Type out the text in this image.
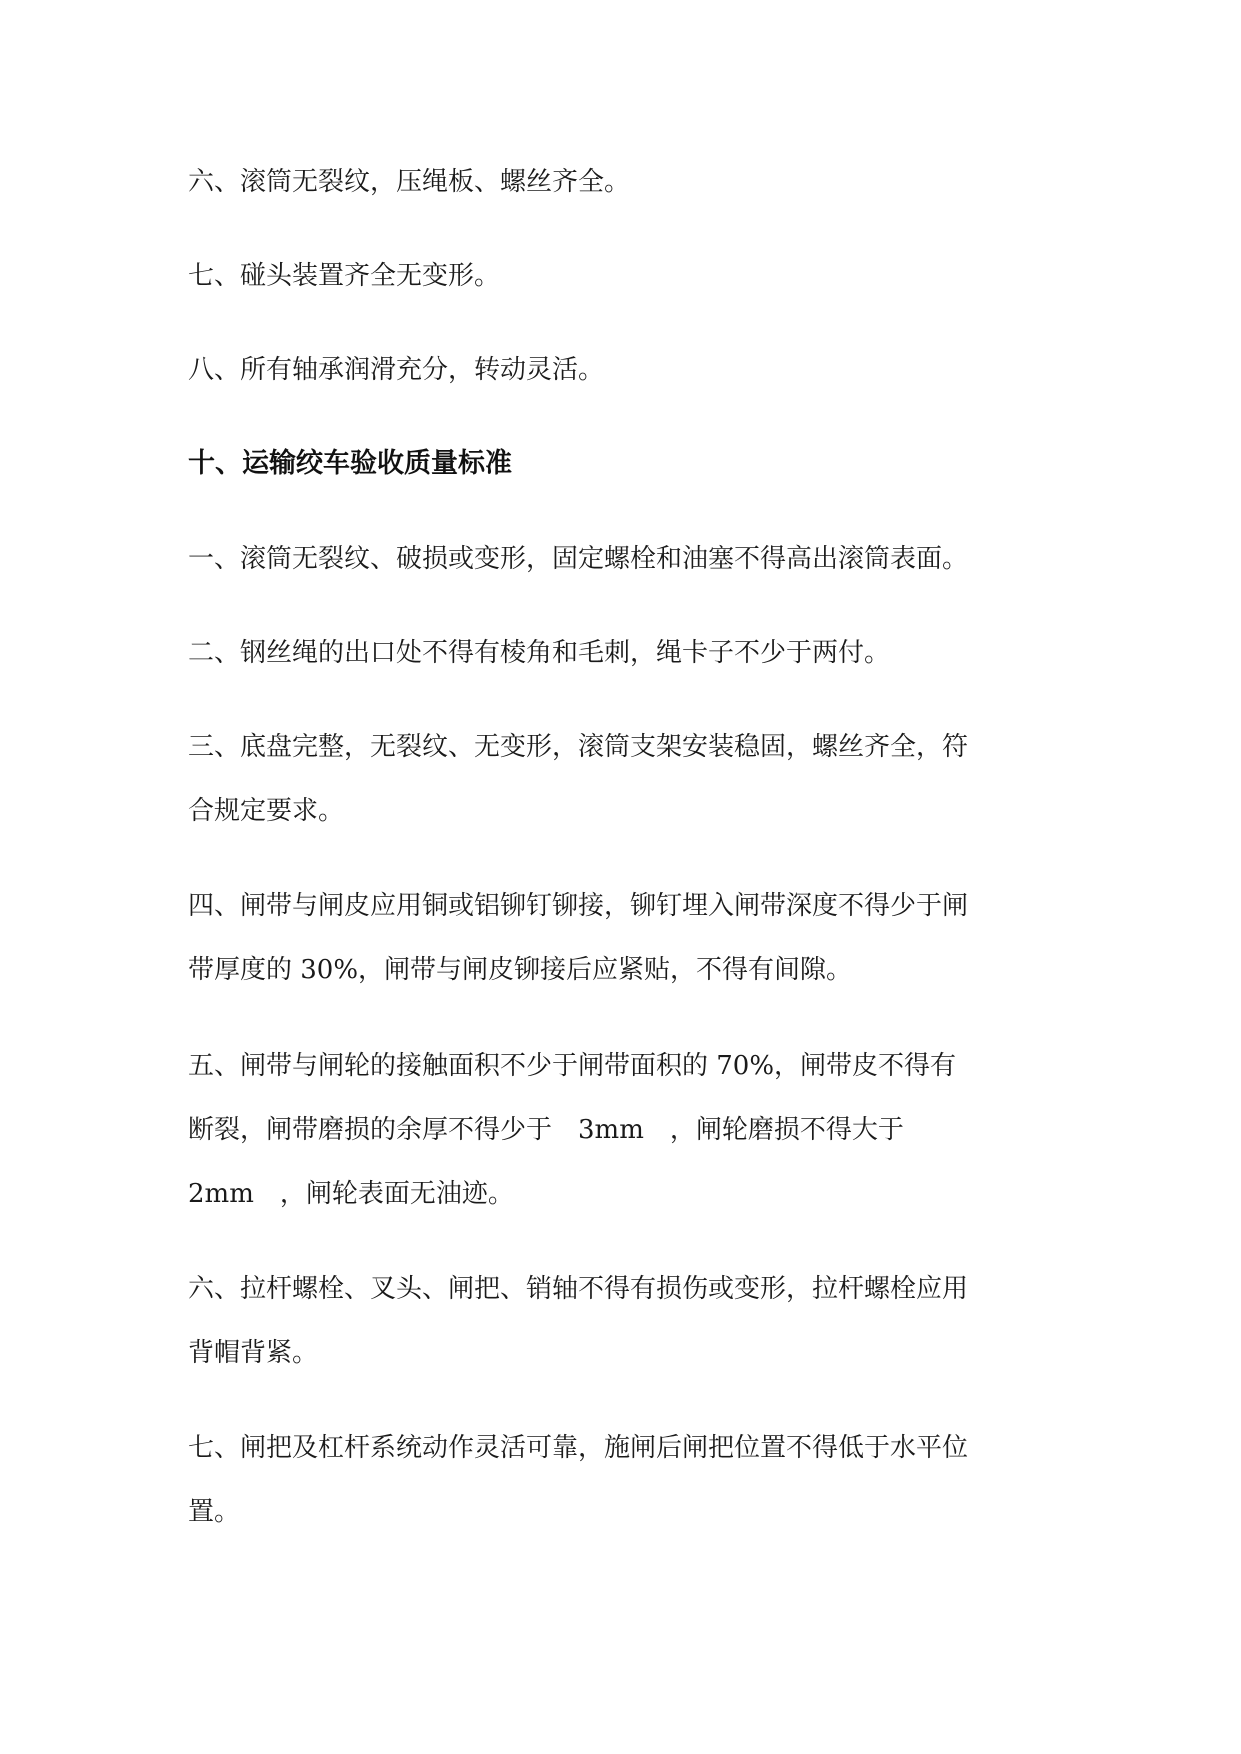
六、滚筒无裂纹，压绳板、螺丝齐全。

七、碰头装置齐全无变形。

八、所有轴承润滑充分，转动灵活。

十、运输绞车验收质量标准

一、滚筒无裂纹、破损或变形，固定螺栓和油塞不得高出滚筒表面。

二、钢丝绳的出口处不得有棱角和毛刺，绳卡子不少于两付。

三、底盘完整，无裂纹、无变形，滚筒支架安装稳固，螺丝齐全，符
合规定要求。

四、闸带与闸皮应用铜或铝铆钉铆接，铆钉埋入闸带深度不得少于闸
带厚度的 30%，闸带与闸皮铆接后应紧贴，不得有间隙。

五、闸带与闸轮的接触面积不少于闸带面积的 70%，闸带皮不得有
断裂，闸带磨损的余厚不得少于　3mm　，闸轮磨损不得大于
2mm　，闸轮表面无油迹。

六、拉杆螺栓、叉头、闸把、销轴不得有损伤或变形，拉杆螺栓应用
背帽背紧。

七、闸把及杠杆系统动作灵活可靠，施闸后闸把位置不得低于水平位
置。
